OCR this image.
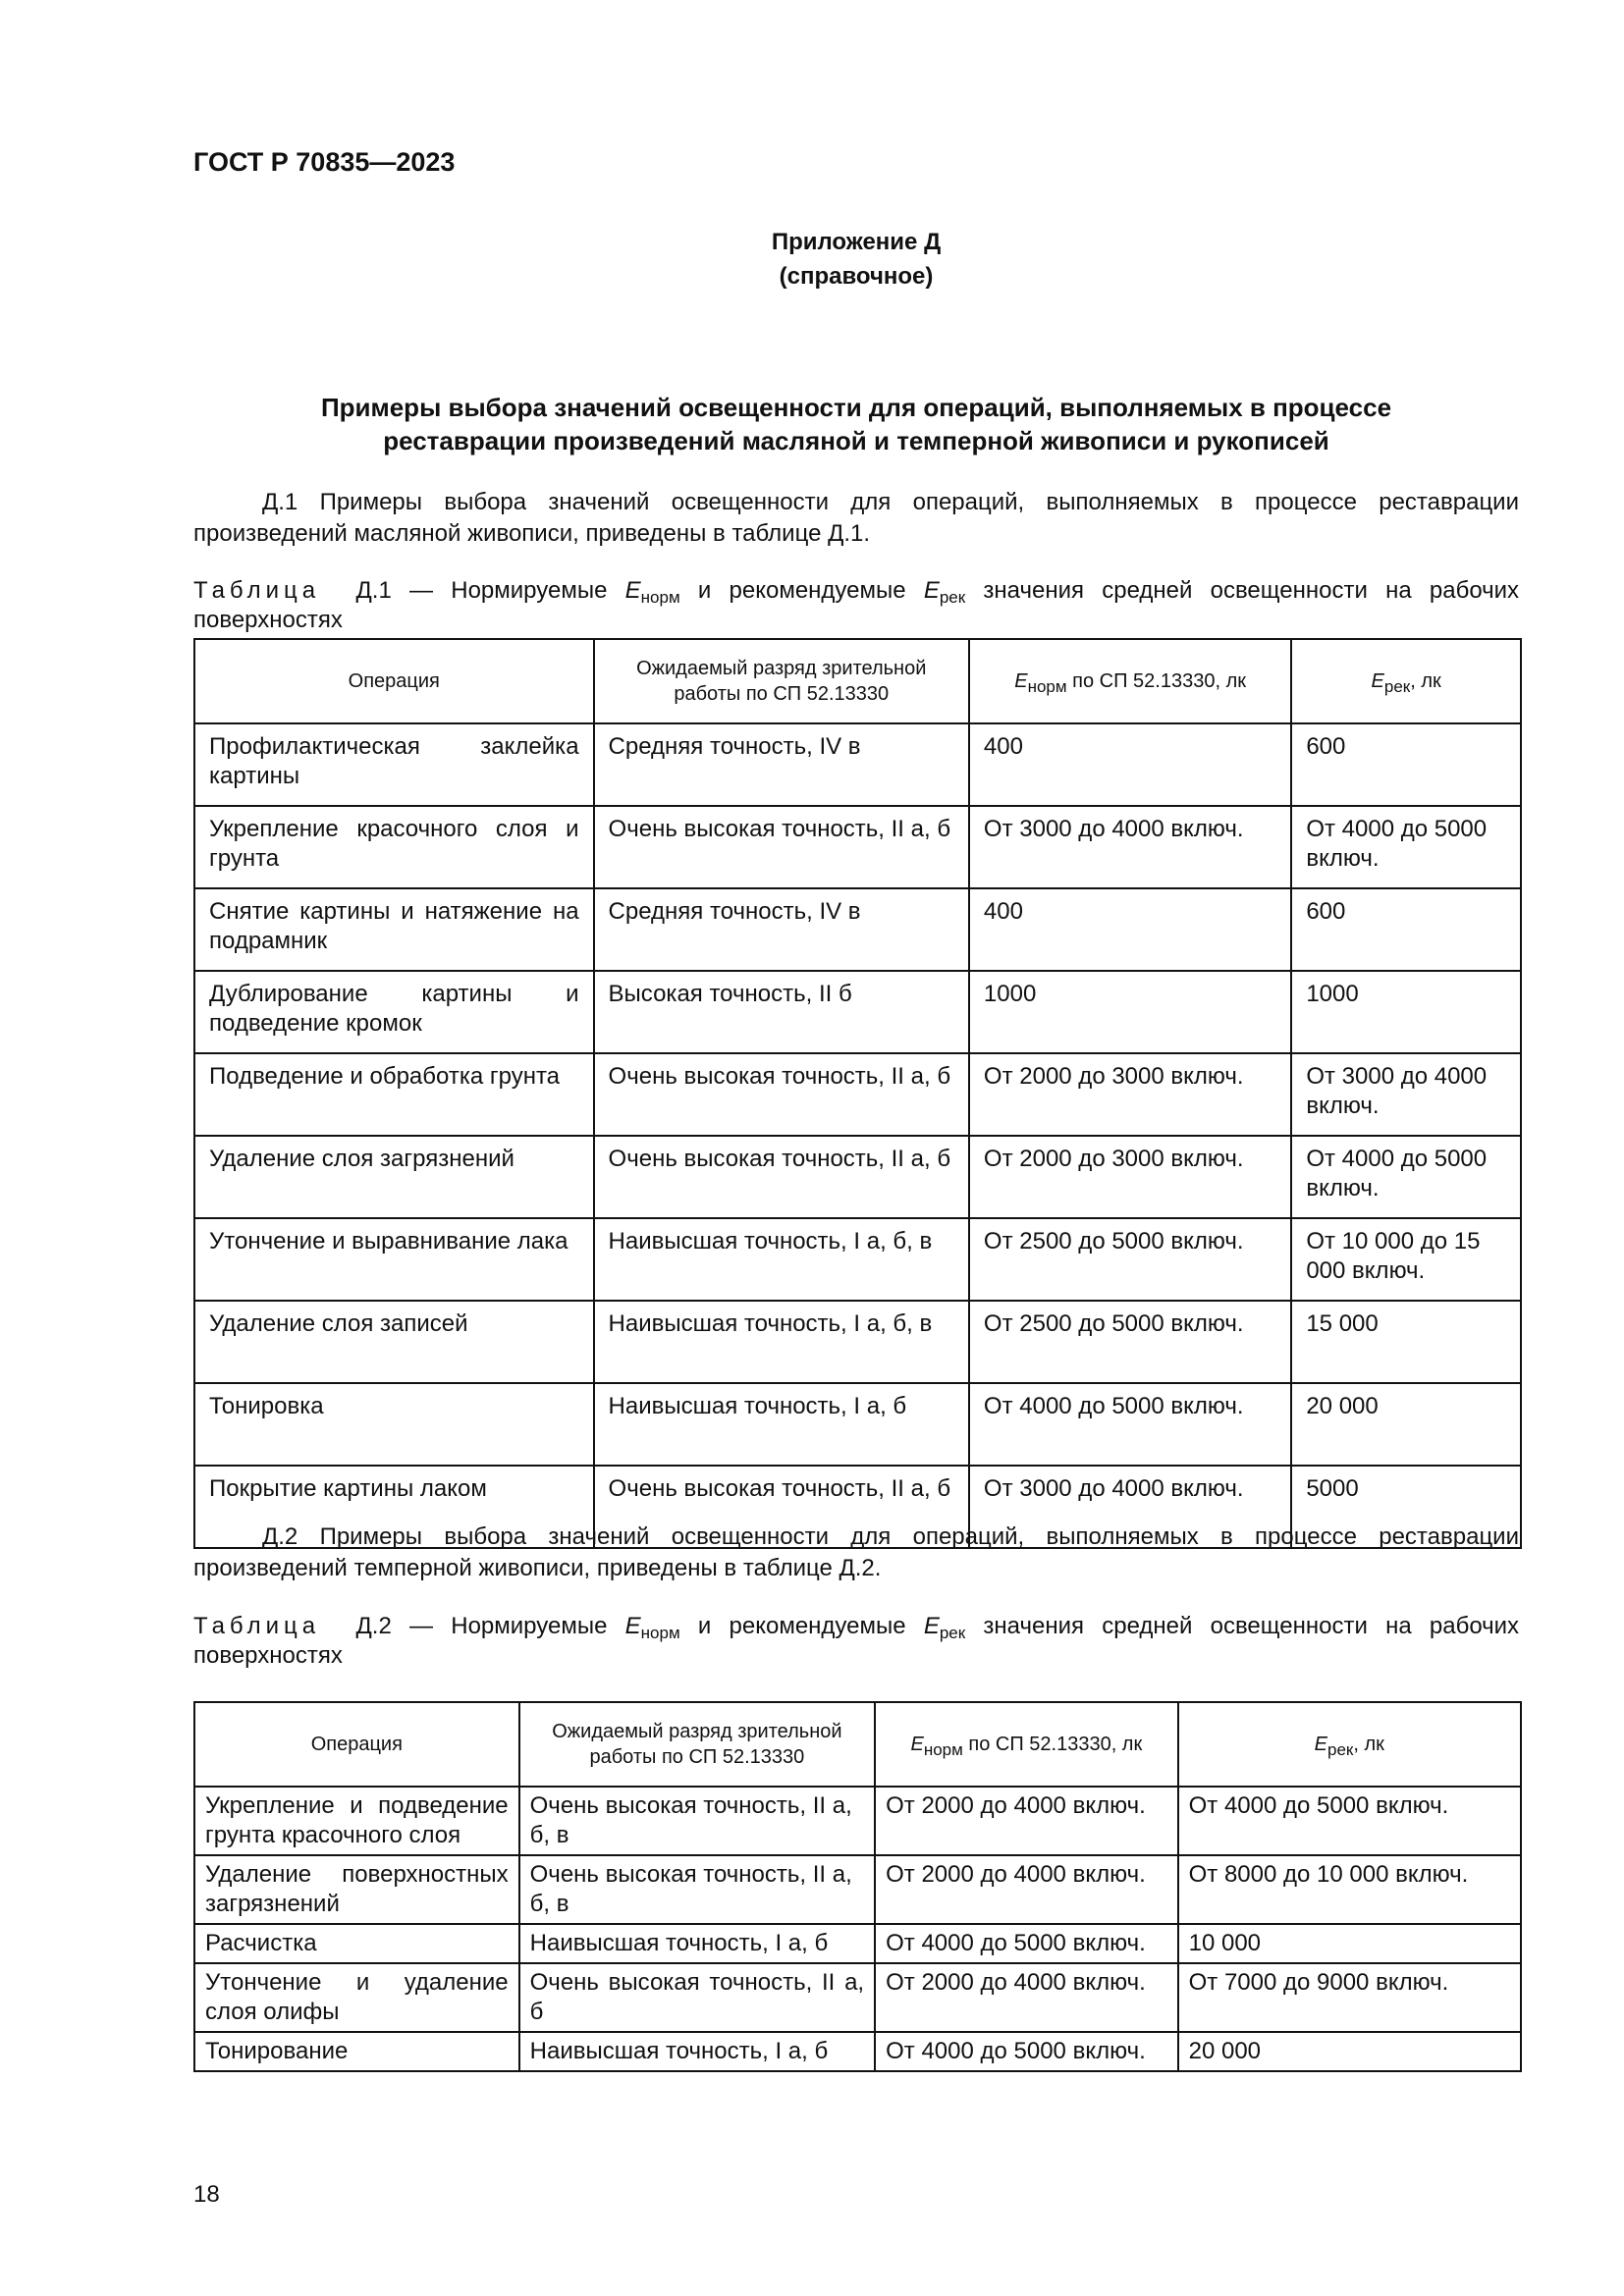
ГОСТ Р 70835—2023
Приложение Д
(справочное)
Примеры выбора значений освещенности для операций, выполняемых в процессе
реставрации произведений масляной и темперной живописи и рукописей

Д.1 Примеры выбора значений освещенности для операций, выполняемых в процессе реставрации произведений масляной живописи, приведены в таблице Д.1.

Таблица Д.1 — Нормируемые $E_{норм}$ и рекомендуемые $E_{рек}$ значения средней освещенности на рабочих поверхностях
Операция	Ожидаемый разряд зрительной работы по СП 52.13330	$E_{норм}$ по СП 52.13330, лк	$E_{рек}$, лк
Профилактическая заклейка картины	Средняя точность, IV в	400	600
Укрепление красочного слоя и грунта	Очень высокая точность, II а, б	От 3000 до 4000 включ.	От 4000 до 5000 включ.
Снятие картины и натяжение на подрамник	Средняя точность, IV в	400	600
Дублирование картины и подведение кромок	Высокая точность, II б	1000	1000
Подведение и обработка грунта	Очень высокая точность, II а, б	От 2000 до 3000 включ.	От 3000 до 4000 включ.
Удаление слоя загрязнений	Очень высокая точность, II а, б	От 2000 до 3000 включ.	От 4000 до 5000 включ.
Утончение и выравнивание лака	Наивысшая точность, I а, б, в	От 2500 до 5000 включ.	От 10 000 до 15 000 включ.
Удаление слоя записей	Наивысшая точность, I а, б, в	От 2500 до 5000 включ.	15 000
Тонировка	Наивысшая точность, I а, б	От 4000 до 5000 включ.	20 000
Покрытие картины лаком	Очень высокая точность, II а, б	От 3000 до 4000 включ.	5000

Д.2 Примеры выбора значений освещенности для операций, выполняемых в процессе реставрации произведений темперной живописи, приведены в таблице Д.2.

Таблица Д.2 — Нормируемые $E_{норм}$ и рекомендуемые $E_{рек}$ значения средней освещенности на рабочих поверхностях
Операция	Ожидаемый разряд зрительной работы по СП 52.13330	$E_{норм}$ по СП 52.13330, лк	$E_{рек}$, лк
Укрепление и подведение грунта красочного слоя	Очень высокая точность, II а, б, в	От 2000 до 4000 включ.	От 4000 до 5000 включ.
Удаление поверхностных загрязнений	Очень высокая точность, II а, б, в	От 2000 до 4000 включ.	От 8000 до 10 000 включ.
Расчистка	Наивысшая точность, I а, б	От 4000 до 5000 включ.	10 000
Утончение и удаление слоя олифы	Очень высокая точность, II а, б	От 2000 до 4000 включ.	От 7000 до 9000 включ.
Тонирование	Наивысшая точность, I а, б	От 4000 до 5000 включ.	20 000
18
